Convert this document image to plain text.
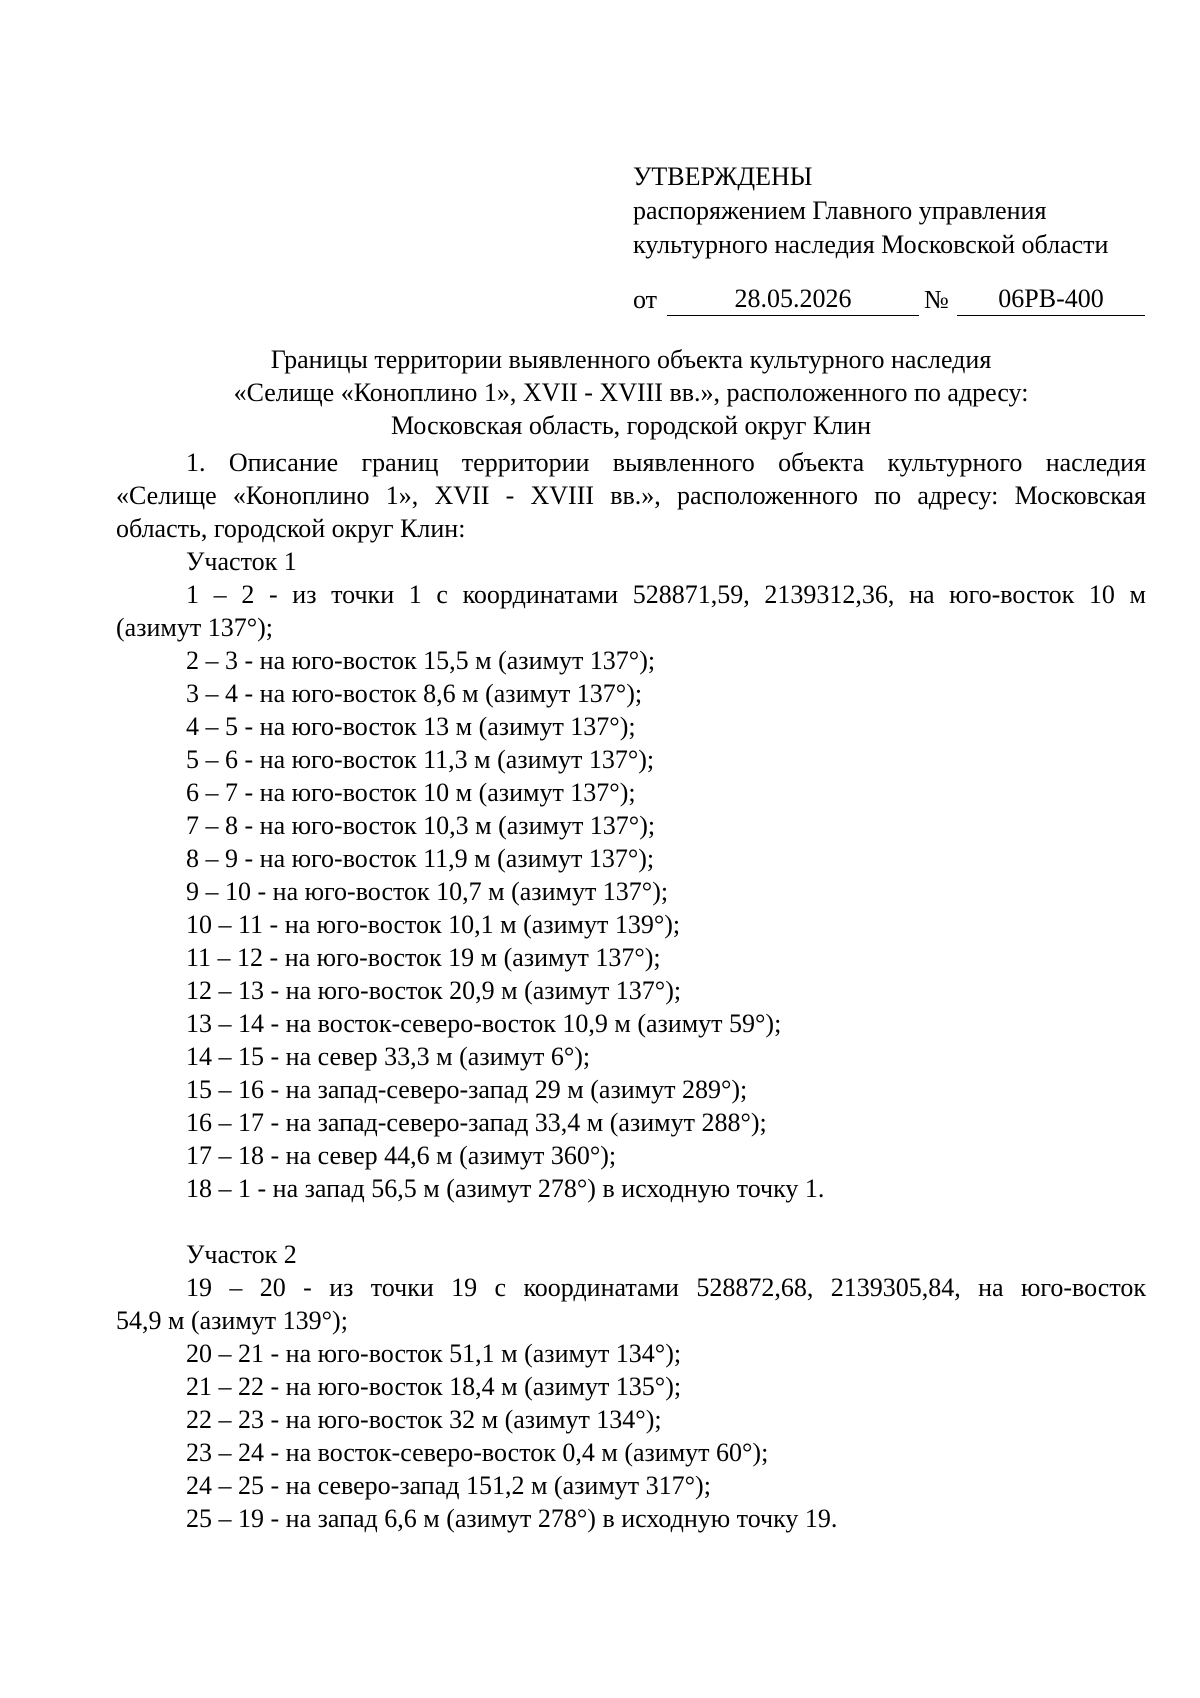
УТВЕРЖДЕНЫ
распоряжением Главного управления
культурного наследия Московской области
от	28.05.2026	№	06РВ-400
Границы территории выявленного объекта культурного наследия
«Селище «Коноплино 1», XVII - XVIII вв.», расположенного по адресу:
Московская область, городской округ Клин
1. Описание границ территории выявленного объекта культурного наследия
«Селище «Коноплино 1», XVII - XVIII вв.», расположенного по адресу: Московская
область, городской округ Клин:
Участок 1
1 – 2 - из точки 1 с координатами 528871,59, 2139312,36, на юго-восток 10 м
(азимут 137°);
2 – 3 - на юго-восток 15,5 м (азимут 137°);
3 – 4 - на юго-восток 8,6 м (азимут 137°);
4 – 5 - на юго-восток 13 м (азимут 137°);
5 – 6 - на юго-восток 11,3 м (азимут 137°);
6 – 7 - на юго-восток 10 м (азимут 137°);
7 – 8 - на юго-восток 10,3 м (азимут 137°);
8 – 9 - на юго-восток 11,9 м (азимут 137°);
9 – 10 - на юго-восток 10,7 м (азимут 137°);
10 – 11 - на юго-восток 10,1 м (азимут 139°);
11 – 12 - на юго-восток 19 м (азимут 137°);
12 – 13 - на юго-восток 20,9 м (азимут 137°);
13 – 14 - на восток-северо-восток 10,9 м (азимут 59°);
14 – 15 - на север 33,3 м (азимут 6°);
15 – 16 - на запад-северо-запад 29 м (азимут 289°);
16 – 17 - на запад-северо-запад 33,4 м (азимут 288°);
17 – 18 - на север 44,6 м (азимут 360°);
18 – 1 - на запад 56,5 м (азимут 278°) в исходную точку 1.
Участок 2
19 – 20 - из точки 19 с координатами 528872,68, 2139305,84, на юго-восток
54,9 м (азимут 139°);
20 – 21 - на юго-восток 51,1 м (азимут 134°);
21 – 22 - на юго-восток 18,4 м (азимут 135°);
22 – 23 - на юго-восток 32 м (азимут 134°);
23 – 24 - на восток-северо-восток 0,4 м (азимут 60°);
24 – 25 - на северо-запад 151,2 м (азимут 317°);
25 – 19 - на запад 6,6 м (азимут 278°) в исходную точку 19.
